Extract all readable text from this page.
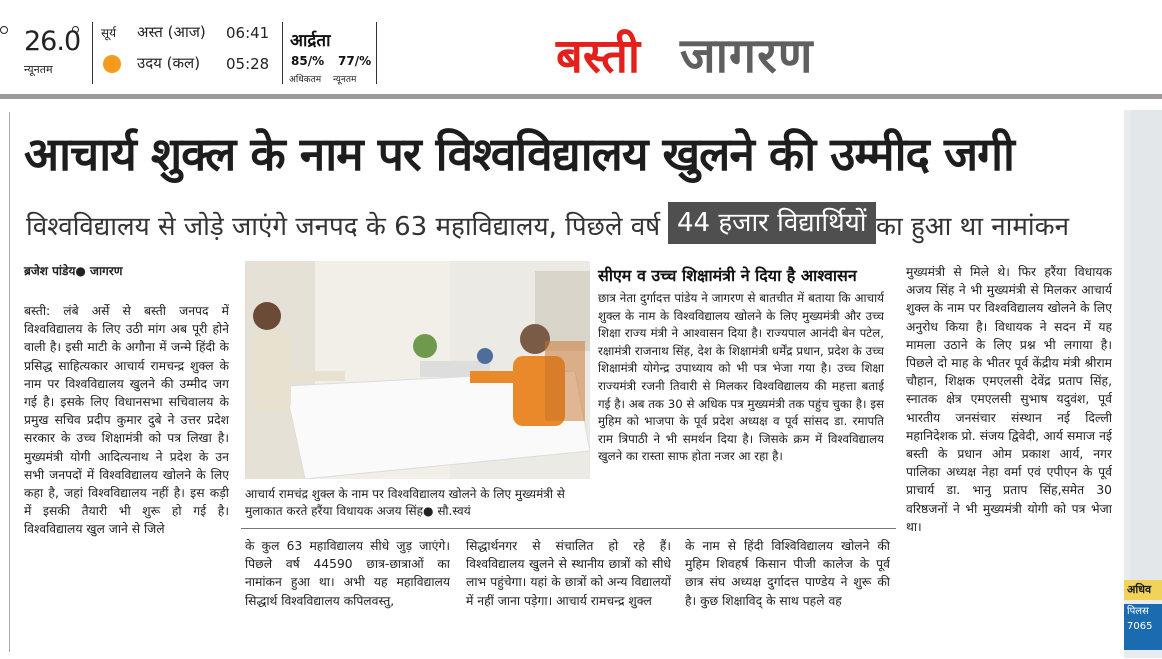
26.0
न्यूनतम
सूर्य अस्त (आज) 06:41
उदय (कल) 05:28
आर्द्रता
85/%
अधिकतम
77/%
न्यूनतम	बस्ती जागरण
आचार्य शुक्ल के नाम पर विश्वविद्यालय खुलने की उम्मीद जगी
विश्वविद्यालय से जोड़े जाएंगे जनपद के 63 महाविद्यालय, पिछले वर्ष 44 हजार विद्यार्थियों का हुआ था नामांकन
ब्रजेश पांडेय● जागरण

बस्ती: लंबे अर्से से बस्ती जनपद में विश्वविद्यालय के लिए उठी मांग अब पूरी होने वाली है। इसी माटी के अगौना में जन्मे हिंदी के प्रसिद्ध साहित्यकार आचार्य रामचन्द्र शुक्ल के नाम पर विश्वविद्यालय खुलने की उम्मीद जग गई है। इसके लिए विधानसभा सचिवालय के प्रमुख सचिव प्रदीप कुमार दुबे ने उत्तर प्रदेश सरकार के उच्च शिक्षामंत्री को पत्र लिखा है। मुख्यमंत्री योगी आदित्यनाथ ने प्रदेश के उन सभी जनपदों में विश्वविद्यालय खोलने के लिए कहा है, जहां विश्वविद्यालय नहीं है। इस कड़ी में इसकी तैयारी भी शुरू हो गई है। विश्वविद्यालय खुल जाने से जिले

आचार्य रामचंद्र शुक्ल के नाम पर विश्वविद्यालय खोलने के लिए मुख्यमंत्री से मुलाकात करते हरैंया विधायक अजय सिंह● सौ.स्वयं
सीएम व उच्च शिक्षामंत्री ने दिया है आश्वासन

छात्र नेता दुर्गादत्त पांडेय ने जागरण से बातचीत में बताया कि आचार्य शुक्ल के नाम के विश्वविद्यालय खोलने के लिए मुख्यमंत्री और उच्च शिक्षा राज्य मंत्री ने आश्वासन दिया है। राज्यपाल आनंदी बेन पटेल, रक्षामंत्री राजनाथ सिंह, देश के शिक्षामंत्री धर्मेंद्र प्रधान, प्रदेश के उच्च शिक्षामंत्री योगेन्द्र उपाध्याय को भी पत्र भेजा गया है। उच्च शिक्षा राज्यमंत्री रजनी तिवारी से मिलकर विश्वविद्यालय की महत्ता बताई गई है। अब तक 30 से अधिक पत्र मुख्यमंत्री तक पहुंच चुका है। इस मुहिम को भाजपा के पूर्व प्रदेश अध्यक्ष व पूर्व सांसद डा. रमापति राम त्रिपाठी ने भी समर्थन दिया है। जिसके क्रम में विश्वविद्यालय खुलने का रास्ता साफ होता नजर आ रहा है।

के कुल 63 महाविद्यालय सीधे जुड़ जाएंगे। पिछले वर्ष 44590 छात्र-छात्राओं का नामांकन हुआ था। अभी यह महाविद्यालय सिद्धार्थ विश्वविद्यालय कपिलवस्तु,

सिद्धार्थनगर से संचालित हो रहे हैं। विश्वविद्यालय खुलने से स्थानीय छात्रों को सीधे लाभ पहुंचेगा। यहां के छात्रों को अन्य विद्यालयों में नहीं जाना पड़ेगा। आचार्य रामचन्द्र शुक्ल

के नाम से हिंदी विश्विविद्यालय खोलने की मुहिम शिवहर्ष किसान पीजी कालेज के पूर्व छात्र संघ अध्यक्ष दुर्गादत्त पाण्डेय ने शुरू की है। कुछ शिक्षाविद् के साथ पहले वह

मुख्यमंत्री से मिले थे। फिर हरैंया विधायक अजय सिंह ने भी मुख्यमंत्री से मिलकर आचार्य शुक्ल के नाम पर विश्वविद्यालय खोलने के लिए अनुरोध किया है। विधायक ने सदन में यह मामला उठाने के लिए प्रश्न भी लगाया है। पिछले दो माह के भीतर पूर्व केंद्रीय मंत्री श्रीराम चौहान, शिक्षक एमएलसी देवेंद्र प्रताप सिंह, स्नातक क्षेत्र एमएलसी सुभाष यदुवंश, पूर्व भारतीय जनसंचार संस्थान नई दिल्ली महानिदेशक प्रो. संजय द्विवेदी, आर्य समाज नई बस्ती के प्रधान ओम प्रकाश आर्य, नगर पालिका अध्यक्ष नेहा वर्मा एवं एपीएन के पूर्व प्राचार्य डा. भानु प्रताप सिंह,समेत 30 वरिष्ठजनों ने भी मुख्यमंत्री योगी को पत्र भेजा था।

अधिव
पिलस
7065
